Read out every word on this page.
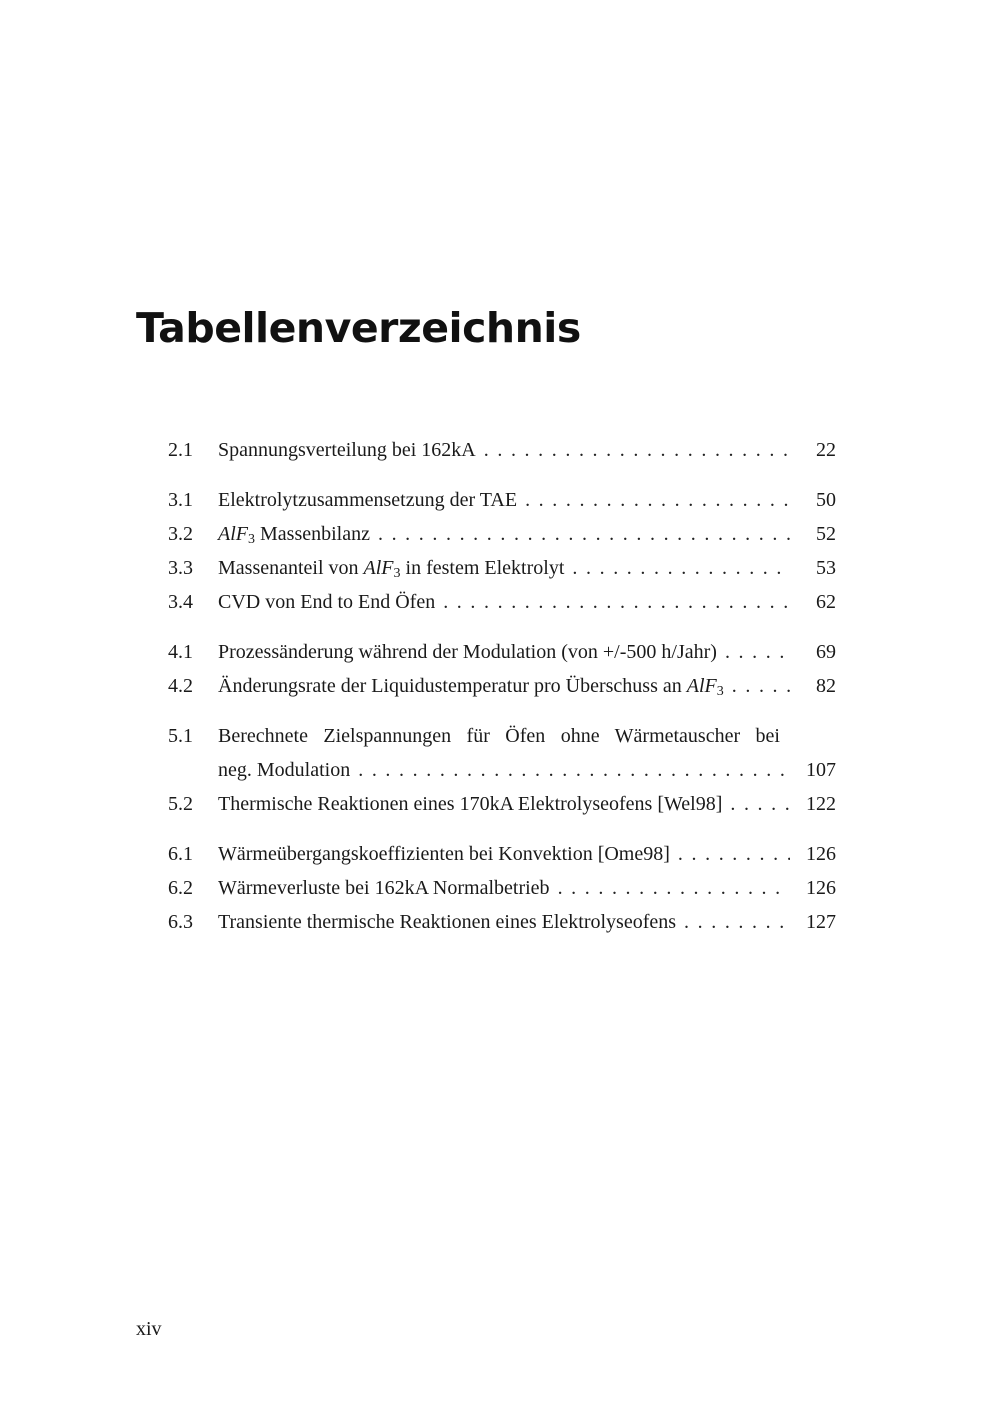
Tabellenverzeichnis
2.1	Spannungsverteilung bei 162kA .....	22
3.1	Elektrolytzusammensetzung der TAE .....	50
3.2	AlF$_3$ Massenbilanz .....	52
3.3	Massenanteil von AlF$_3$ in festem Elektrolyt .....	53
3.4	CVD von End to End Öfen .....	62
4.1	Prozessänderung während der Modulation (von +/-500 h/Jahr) .....	69
4.2	Änderungsrate der Liquidustemperatur pro Überschuss an AlF$_3$ .....	82
5.1	Berechnete Zielspannungen für Öfen ohne Wärmetauscher bei
neg. Modulation .....	107
5.2	Thermische Reaktionen eines 170kA Elektrolyseofens [Wel98] .....	122
6.1	Wärmeübergangskoeffizienten bei Konvektion [Ome98] .....	126
6.2	Wärmeverluste bei 162kA Normalbetrieb .....	126
6.3	Transiente thermische Reaktionen eines Elektrolyseofens .....	127
xiv
